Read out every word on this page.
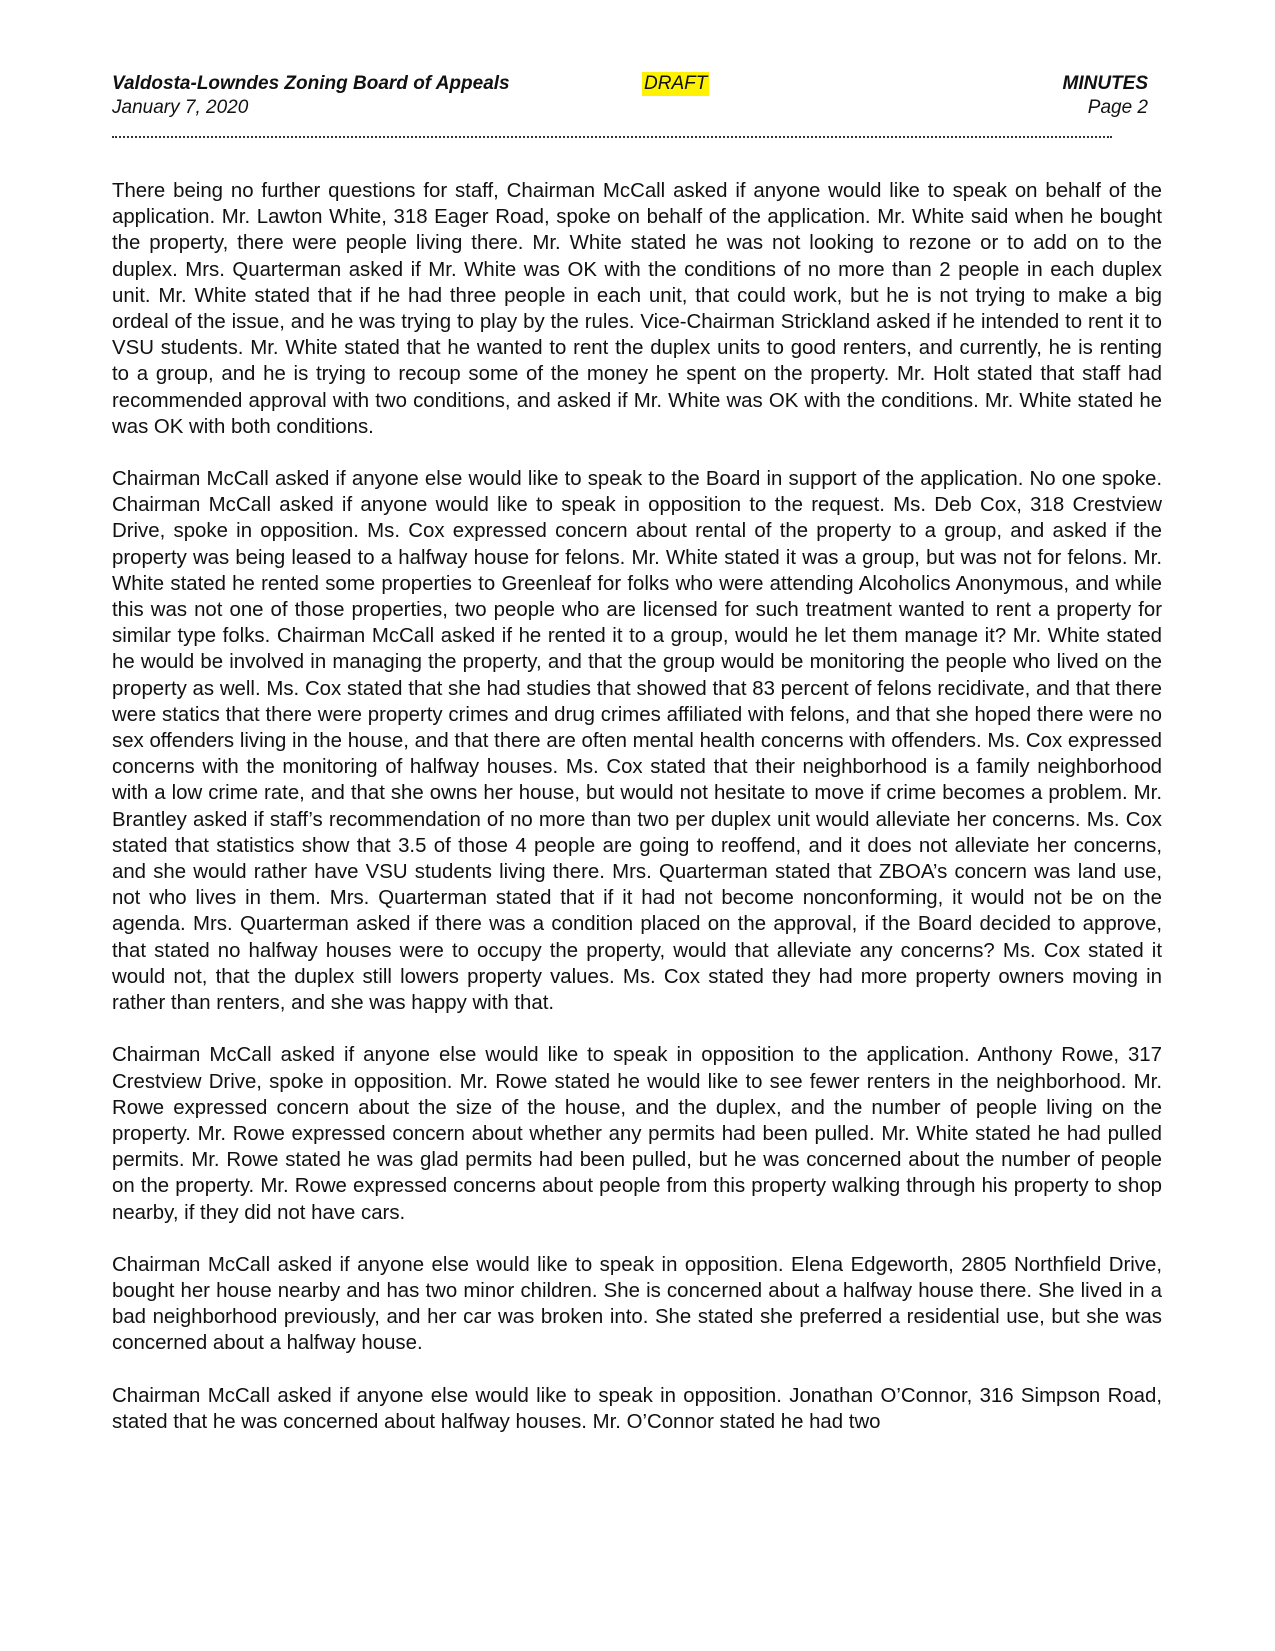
Valdosta-Lowndes Zoning Board of Appeals
January 7, 2020
DRAFT	MINUTES
Page 2

There being no further questions for staff, Chairman McCall asked if anyone would like to speak on behalf of the application. Mr. Lawton White, 318 Eager Road, spoke on behalf of the application. Mr. White said when he bought the property, there were people living there. Mr. White stated he was not looking to rezone or to add on to the duplex. Mrs. Quarterman asked if Mr. White was OK with the conditions of no more than 2 people in each duplex unit. Mr. White stated that if he had three people in each unit, that could work, but he is not trying to make a big ordeal of the issue, and he was trying to play by the rules. Vice-Chairman Strickland asked if he intended to rent it to VSU students. Mr. White stated that he wanted to rent the duplex units to good renters, and currently, he is renting to a group, and he is trying to recoup some of the money he spent on the property. Mr. Holt stated that staff had recommended approval with two conditions, and asked if Mr. White was OK with the conditions. Mr. White stated he was OK with both conditions.

Chairman McCall asked if anyone else would like to speak to the Board in support of the application. No one spoke. Chairman McCall asked if anyone would like to speak in opposition to the request. Ms. Deb Cox, 318 Crestview Drive, spoke in opposition. Ms. Cox expressed concern about rental of the property to a group, and asked if the property was being leased to a halfway house for felons. Mr. White stated it was a group, but was not for felons. Mr. White stated he rented some properties to Greenleaf for folks who were attending Alcoholics Anonymous, and while this was not one of those properties, two people who are licensed for such treatment wanted to rent a property for similar type folks. Chairman McCall asked if he rented it to a group, would he let them manage it? Mr. White stated he would be involved in managing the property, and that the group would be monitoring the people who lived on the property as well. Ms. Cox stated that she had studies that showed that 83 percent of felons recidivate, and that there were statics that there were property crimes and drug crimes affiliated with felons, and that she hoped there were no sex offenders living in the house, and that there are often mental health concerns with offenders. Ms. Cox expressed concerns with the monitoring of halfway houses. Ms. Cox stated that their neighborhood is a family neighborhood with a low crime rate, and that she owns her house, but would not hesitate to move if crime becomes a problem. Mr. Brantley asked if staff’s recommendation of no more than two per duplex unit would alleviate her concerns. Ms. Cox stated that statistics show that 3.5 of those 4 people are going to reoffend, and it does not alleviate her concerns, and she would rather have VSU students living there. Mrs. Quarterman stated that ZBOA’s concern was land use, not who lives in them. Mrs. Quarterman stated that if it had not become nonconforming, it would not be on the agenda. Mrs. Quarterman asked if there was a condition placed on the approval, if the Board decided to approve, that stated no halfway houses were to occupy the property, would that alleviate any concerns? Ms. Cox stated it would not, that the duplex still lowers property values. Ms. Cox stated they had more property owners moving in rather than renters, and she was happy with that.

Chairman McCall asked if anyone else would like to speak in opposition to the application. Anthony Rowe, 317 Crestview Drive, spoke in opposition. Mr. Rowe stated he would like to see fewer renters in the neighborhood. Mr. Rowe expressed concern about the size of the house, and the duplex, and the number of people living on the property. Mr. Rowe expressed concern about whether any permits had been pulled. Mr. White stated he had pulled permits. Mr. Rowe stated he was glad permits had been pulled, but he was concerned about the number of people on the property. Mr. Rowe expressed concerns about people from this property walking through his property to shop nearby, if they did not have cars.

Chairman McCall asked if anyone else would like to speak in opposition. Elena Edgeworth, 2805 Northfield Drive, bought her house nearby and has two minor children. She is concerned about a halfway house there. She lived in a bad neighborhood previously, and her car was broken into. She stated she preferred a residential use, but she was concerned about a halfway house.

Chairman McCall asked if anyone else would like to speak in opposition. Jonathan O’Connor, 316 Simpson Road, stated that he was concerned about halfway houses. Mr. O’Connor stated he had two
